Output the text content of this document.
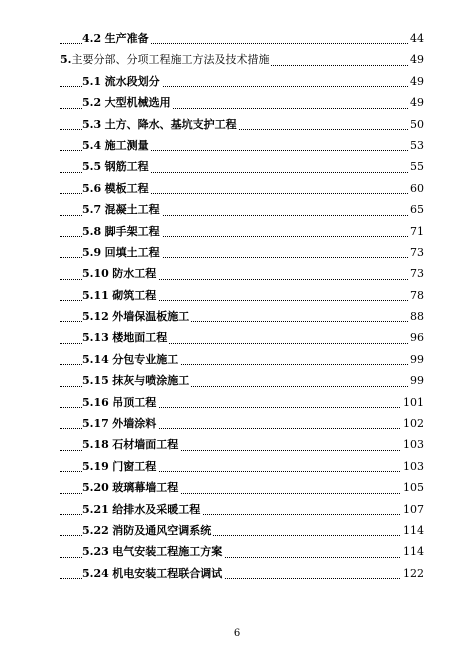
4.2 生产准备	44
5.主要分部、分项工程施工方法及技术措施	49
5.1 流水段划分	49
5.2 大型机械选用	49
5.3 土方、降水、基坑支护工程	50
5.4 施工测量	53
5.5 钢筋工程	55
5.6 模板工程	60
5.7 混凝土工程	65
5.8 脚手架工程	71
5.9 回填土工程	73
5.10 防水工程	73
5.11 砌筑工程	78
5.12 外墙保温板施工	88
5.13 楼地面工程	96
5.14 分包专业施工	99
5.15 抹灰与喷涂施工	99
5.16 吊顶工程	101
5.17 外墙涂料	102
5.18 石材墙面工程	103
5.19 门窗工程	103
5.20 玻璃幕墙工程	105
5.21 给排水及采暖工程	107
5.22 消防及通风空调系统	114
5.23 电气安装工程施工方案	114
5.24 机电安装工程联合调试	122
6
